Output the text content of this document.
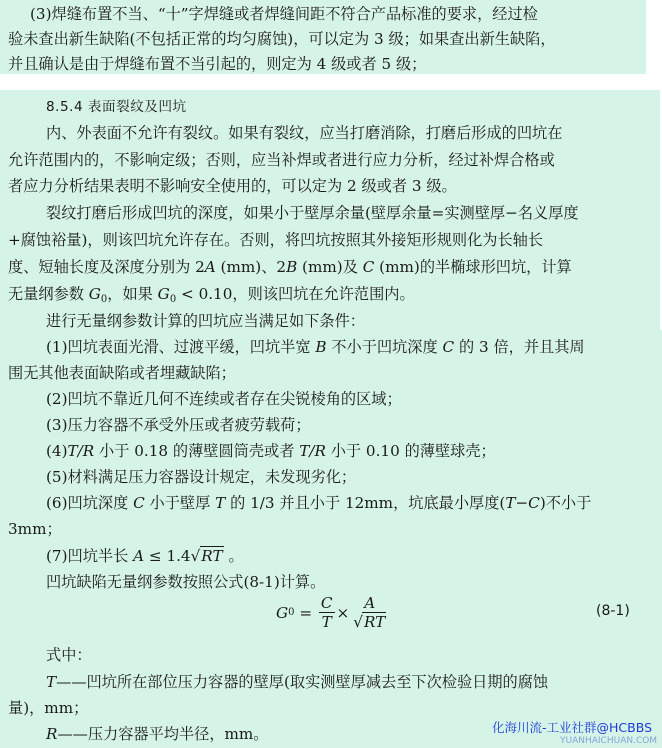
(3)焊缝布置不当、“十”字焊缝或者焊缝间距不符合产品标准的要求，经过检
验未查出新生缺陷(不包括正常的均匀腐蚀)，可以定为 3 级；如果查出新生缺陷，
并且确认是由于焊缝布置不当引起的，则定为 4 级或者 5 级；
8.5.4 表面裂纹及凹坑
内、外表面不允许有裂纹。如果有裂纹，应当打磨消除，打磨后形成的凹坑在
允许范围内的，不影响定级；否则，应当补焊或者进行应力分析，经过补焊合格或
者应力分析结果表明不影响安全使用的，可以定为 2 级或者 3 级。
裂纹打磨后形成凹坑的深度，如果小于壁厚余量(壁厚余量=实测壁厚−名义厚度
+腐蚀裕量)，则该凹坑允许存在。否则，将凹坑按照其外接矩形规则化为长轴长
度、短轴长度及深度分别为 2A (mm)、2B (mm)及 C (mm)的半椭球形凹坑，计算
无量纲参数 $G_0$，如果 $G_0 < 0.10$，则该凹坑在允许范围内。
进行无量纲参数计算的凹坑应当满足如下条件：
(1)凹坑表面光滑、过渡平缓，凹坑半宽 B 不小于凹坑深度 C 的 3 倍，并且其周
围无其他表面缺陷或者埋藏缺陷；
(2)凹坑不靠近几何不连续或者存在尖锐棱角的区域；
(3)压力容器不承受外压或者疲劳载荷；
(4)T/R 小于 0.18 的薄壁圆筒壳或者 T/R 小于 0.10 的薄壁球壳；
(5)材料满足压力容器设计规定，未发现劣化；
(6)凹坑深度 C 小于壁厚 T 的 1/3 并且小于 12mm，坑底最小厚度(T−C)不小于
3mm；
(7)凹坑半长 A ≤ 1.4√RT 。
凹坑缺陷无量纲参数按照公式(8-1)计算。
G $0 = \frac{C}{T} \times \frac{A}{√RT}$	(8-1)
式中：
T——凹坑所在部位压力容器的壁厚(取实测壁厚减去至下次检验日期的腐蚀
量)，mm；
R——压力容器平均半径，mm。	化海川流-工业社群@HCBBS
YUANHAICHUAN.COM
